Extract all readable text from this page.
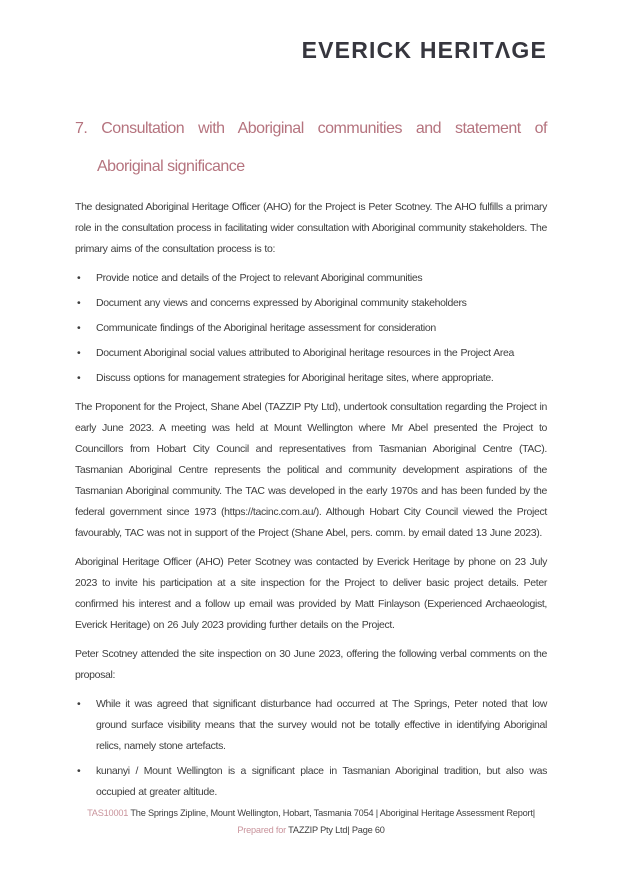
EVERICK HERITΛGE
7. Consultation with Aboriginal communities and statement of
Aboriginal significance

The designated Aboriginal Heritage Officer (AHO) for the Project is Peter Scotney. The AHO fulfills a primary role in the consultation process in facilitating wider consultation with Aboriginal community stakeholders. The primary aims of the consultation process is to:

• Provide notice and details of the Project to relevant Aboriginal communities
• Document any views and concerns expressed by Aboriginal community stakeholders
• Communicate findings of the Aboriginal heritage assessment for consideration
• Document Aboriginal social values attributed to Aboriginal heritage resources in the Project Area
• Discuss options for management strategies for Aboriginal heritage sites, where appropriate.

The Proponent for the Project, Shane Abel (TAZZIP Pty Ltd), undertook consultation regarding the Project in early June 2023. A meeting was held at Mount Wellington where Mr Abel presented the Project to Councillors from Hobart City Council and representatives from Tasmanian Aboriginal Centre (TAC). Tasmanian Aboriginal Centre represents the political and community development aspirations of the Tasmanian Aboriginal community. The TAC was developed in the early 1970s and has been funded by the federal government since 1973 (https://tacinc.com.au/). Although Hobart City Council viewed the Project favourably, TAC was not in support of the Project (Shane Abel, pers. comm. by email dated 13 June 2023).

Aboriginal Heritage Officer (AHO) Peter Scotney was contacted by Everick Heritage by phone on 23 July 2023 to invite his participation at a site inspection for the Project to deliver basic project details. Peter confirmed his interest and a follow up email was provided by Matt Finlayson (Experienced Archaeologist, Everick Heritage) on 26 July 2023 providing further details on the Project.

Peter Scotney attended the site inspection on 30 June 2023, offering the following verbal comments on the proposal:

• While it was agreed that significant disturbance had occurred at The Springs, Peter noted that low ground surface visibility means that the survey would not be totally effective in identifying Aboriginal relics, namely stone artefacts.
• kunanyi / Mount Wellington is a significant place in Tasmanian Aboriginal tradition, but also was occupied at greater altitude.
TAS10001 The Springs Zipline, Mount Wellington, Hobart, Tasmania 7054 | Aboriginal Heritage Assessment Report|
Prepared for TAZZIP Pty Ltd| Page 60
